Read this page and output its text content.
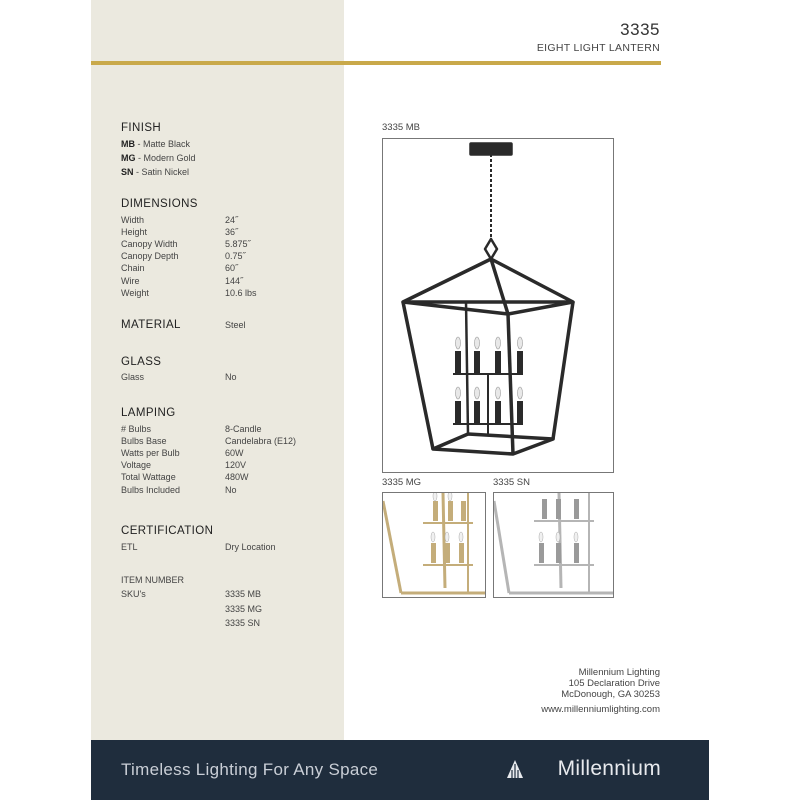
3335
EIGHT LIGHT LANTERN
FINISH
MB - Matte Black
MG - Modern Gold
SN - Satin Nickel
DIMENSIONS
Width	24˝
Height	36˝
Canopy Width	5.875˝
Canopy Depth	0.75˝
Chain	60˝
Wire	144˝
Weight	10.6 lbs
MATERIAL	Steel
GLASS
Glass	No
LAMPING
# Bulbs	8-Candle
Bulbs Base	Candelabra (E12)
Watts per Bulb	60W
Voltage	120V
Total Wattage	480W
Bulbs Included	No
CERTIFICATION
ETL	Dry Location
ITEM NUMBER
SKU's	3335 MB
3335 MG
3335 SN
3335 MB
3335 MG	3335 SN
Millennium Lighting
105 Declaration Drive
McDonough, GA 30253
www.millenniumlighting.com
Timeless Lighting For Any Space	Millennium
